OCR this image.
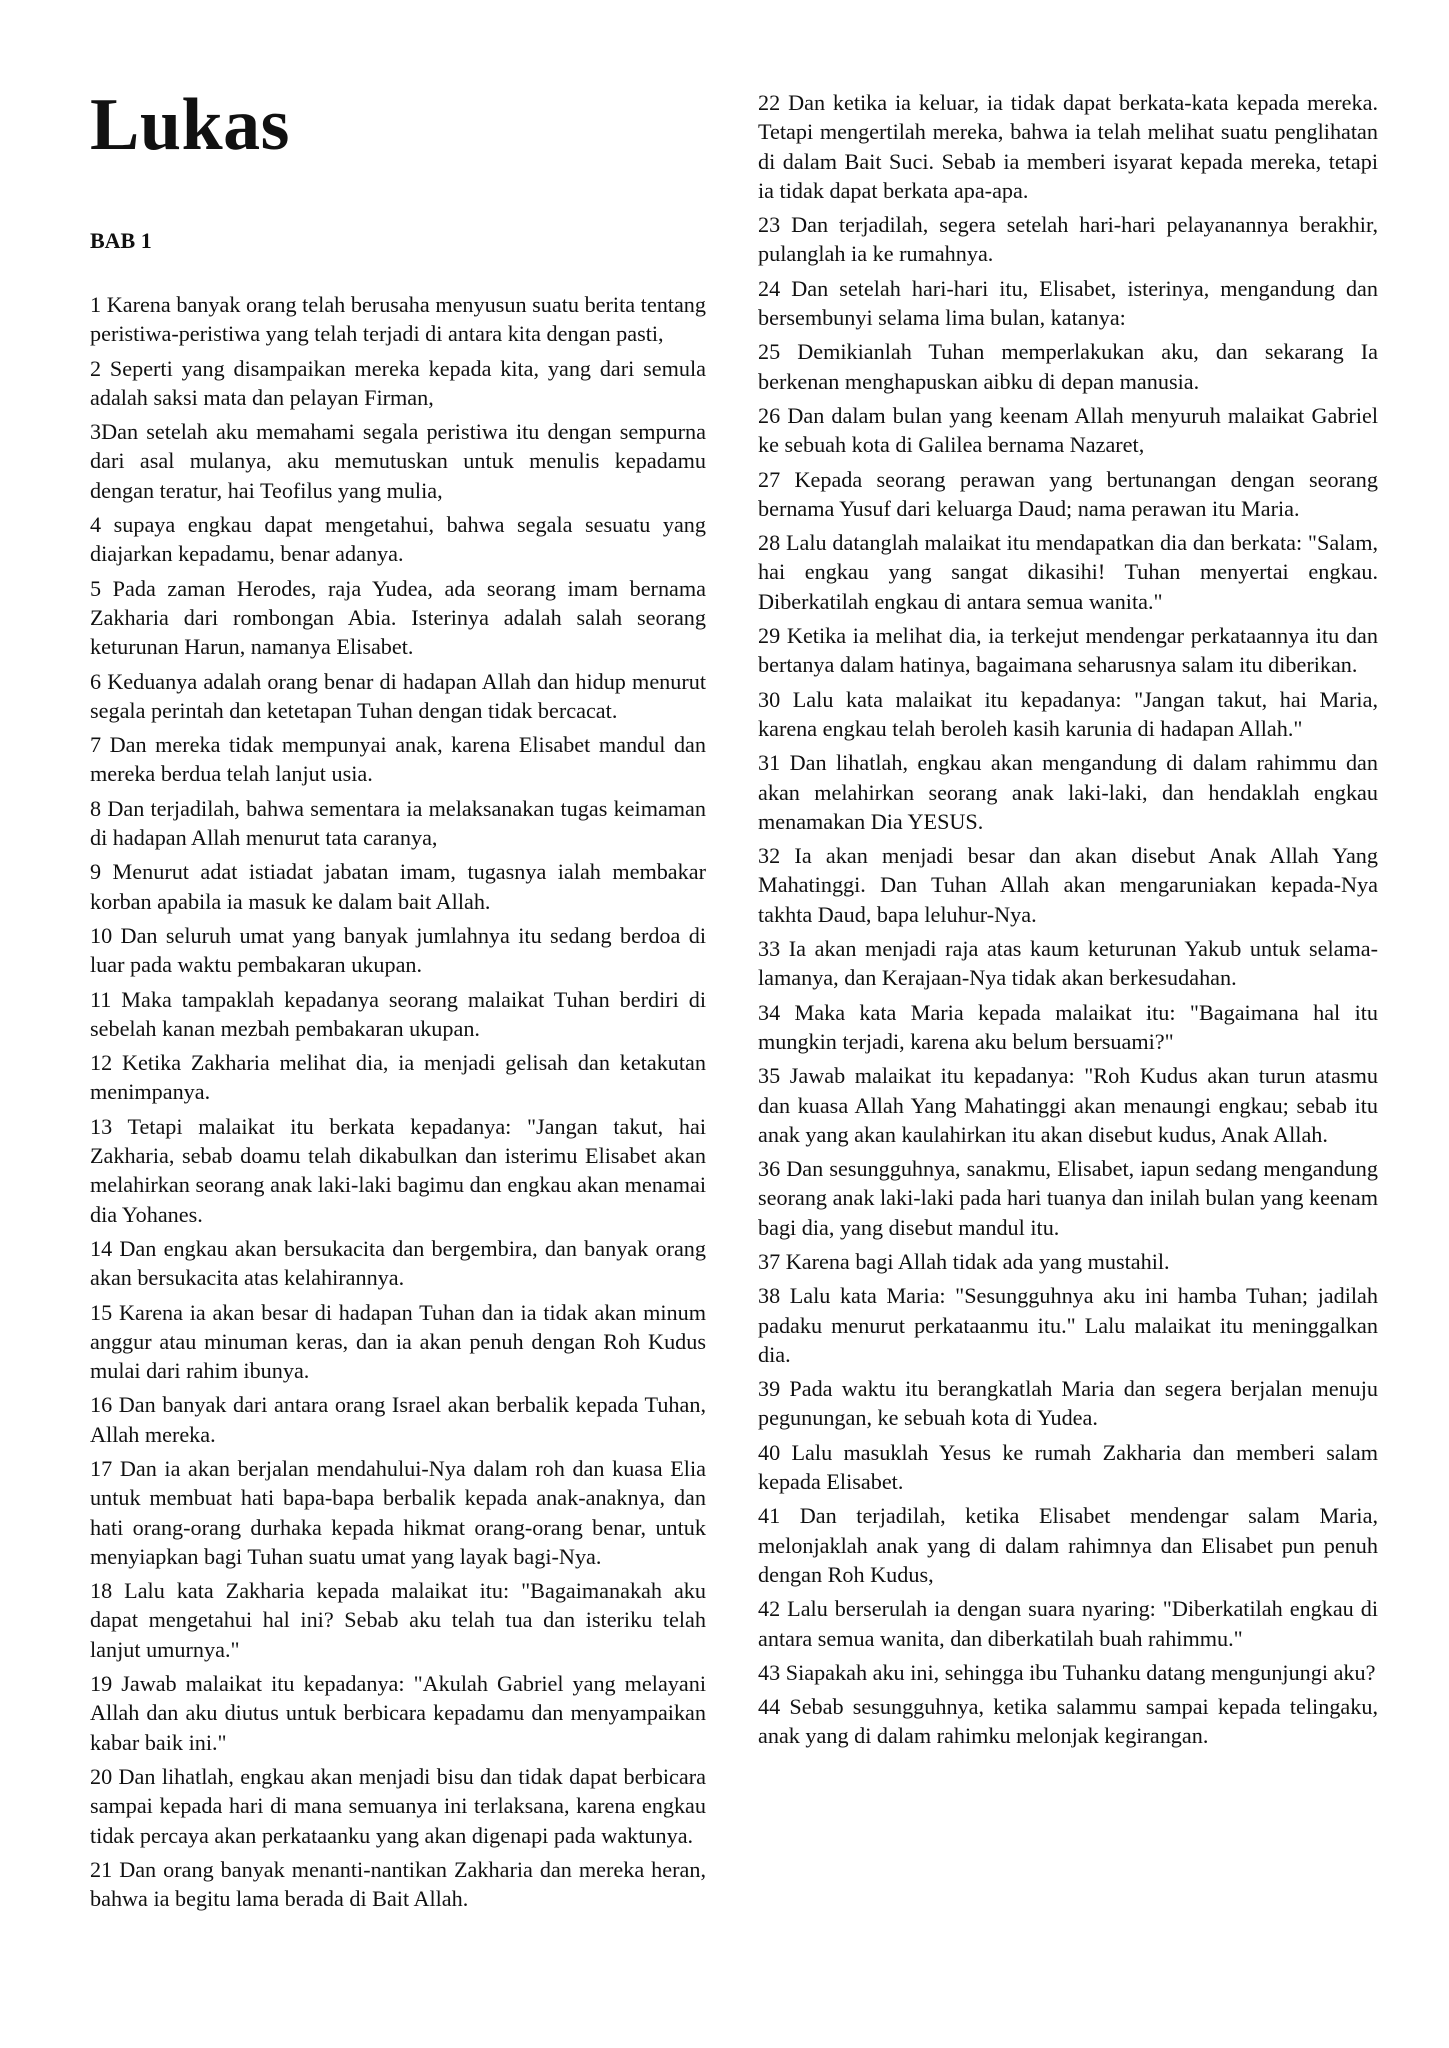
Lukas
BAB 1

1 Karena banyak orang telah berusaha menyusun suatu berita tentang peristiwa-peristiwa yang telah terjadi di antara kita dengan pasti,

2 Seperti yang disampaikan mereka kepada kita, yang dari semula adalah saksi mata dan pelayan Firman,

3Dan setelah aku memahami segala peristiwa itu dengan sempurna dari asal mulanya, aku memutuskan untuk menulis kepadamu dengan teratur, hai Teofilus yang mulia,

4 supaya engkau dapat mengetahui, bahwa segala sesuatu yang diajarkan kepadamu, benar adanya.

5 Pada zaman Herodes, raja Yudea, ada seorang imam bernama Zakharia dari rombongan Abia. Isterinya adalah salah seorang keturunan Harun, namanya Elisabet.

6 Keduanya adalah orang benar di hadapan Allah dan hidup menurut segala perintah dan ketetapan Tuhan dengan tidak bercacat.

7 Dan mereka tidak mempunyai anak, karena Elisabet mandul dan mereka berdua telah lanjut usia.

8 Dan terjadilah, bahwa sementara ia melaksanakan tugas keimaman di hadapan Allah menurut tata caranya,

9 Menurut adat istiadat jabatan imam, tugasnya ialah membakar korban apabila ia masuk ke dalam bait Allah.

10 Dan seluruh umat yang banyak jumlahnya itu sedang berdoa di luar pada waktu pembakaran ukupan.

11 Maka tampaklah kepadanya seorang malaikat Tuhan berdiri di sebelah kanan mezbah pembakaran ukupan.

12 Ketika Zakharia melihat dia, ia menjadi gelisah dan ketakutan menimpanya.

13 Tetapi malaikat itu berkata kepadanya: "Jangan takut, hai Zakharia, sebab doamu telah dikabulkan dan isterimu Elisabet akan melahirkan seorang anak laki-laki bagimu dan engkau akan menamai dia Yohanes.

14 Dan engkau akan bersukacita dan bergembira, dan banyak orang akan bersukacita atas kelahirannya.

15 Karena ia akan besar di hadapan Tuhan dan ia tidak akan minum anggur atau minuman keras, dan ia akan penuh dengan Roh Kudus mulai dari rahim ibunya.

16 Dan banyak dari antara orang Israel akan berbalik kepada Tuhan, Allah mereka.

17 Dan ia akan berjalan mendahului-Nya dalam roh dan kuasa Elia untuk membuat hati bapa-bapa berbalik kepada anak-anaknya, dan hati orang-orang durhaka kepada hikmat orang-orang benar, untuk menyiapkan bagi Tuhan suatu umat yang layak bagi-Nya.

18 Lalu kata Zakharia kepada malaikat itu: "Bagaimanakah aku dapat mengetahui hal ini? Sebab aku telah tua dan isteriku telah lanjut umurnya."

19 Jawab malaikat itu kepadanya: "Akulah Gabriel yang melayani Allah dan aku diutus untuk berbicara kepadamu dan menyampaikan kabar baik ini."

20 Dan lihatlah, engkau akan menjadi bisu dan tidak dapat berbicara sampai kepada hari di mana semuanya ini terlaksana, karena engkau tidak percaya akan perkataanku yang akan digenapi pada waktunya.

21 Dan orang banyak menanti-nantikan Zakharia dan mereka heran, bahwa ia begitu lama berada di Bait Allah.

22 Dan ketika ia keluar, ia tidak dapat berkata-kata kepada mereka. Tetapi mengertilah mereka, bahwa ia telah melihat suatu penglihatan di dalam Bait Suci. Sebab ia memberi isyarat kepada mereka, tetapi ia tidak dapat berkata apa-apa.

23 Dan terjadilah, segera setelah hari-hari pelayanannya berakhir, pulanglah ia ke rumahnya.

24 Dan setelah hari-hari itu, Elisabet, isterinya, mengandung dan bersembunyi selama lima bulan, katanya:

25 Demikianlah Tuhan memperlakukan aku, dan sekarang Ia berkenan menghapuskan aibku di depan manusia.

26 Dan dalam bulan yang keenam Allah menyuruh malaikat Gabriel ke sebuah kota di Galilea bernama Nazaret,

27 Kepada seorang perawan yang bertunangan dengan seorang bernama Yusuf dari keluarga Daud; nama perawan itu Maria.

28 Lalu datanglah malaikat itu mendapatkan dia dan berkata: "Salam, hai engkau yang sangat dikasihi! Tuhan menyertai engkau. Diberkatilah engkau di antara semua wanita."

29 Ketika ia melihat dia, ia terkejut mendengar perkataannya itu dan bertanya dalam hatinya, bagaimana seharusnya salam itu diberikan.

30 Lalu kata malaikat itu kepadanya: "Jangan takut, hai Maria, karena engkau telah beroleh kasih karunia di hadapan Allah."

31 Dan lihatlah, engkau akan mengandung di dalam rahimmu dan akan melahirkan seorang anak laki-laki, dan hendaklah engkau menamakan Dia YESUS.

32 Ia akan menjadi besar dan akan disebut Anak Allah Yang Mahatinggi. Dan Tuhan Allah akan mengaruniakan kepada-Nya takhta Daud, bapa leluhur-Nya.

33 Ia akan menjadi raja atas kaum keturunan Yakub untuk selama-lamanya, dan Kerajaan-Nya tidak akan berkesudahan.

34 Maka kata Maria kepada malaikat itu: "Bagaimana hal itu mungkin terjadi, karena aku belum bersuami?"

35 Jawab malaikat itu kepadanya: "Roh Kudus akan turun atasmu dan kuasa Allah Yang Mahatinggi akan menaungi engkau; sebab itu anak yang akan kaulahirkan itu akan disebut kudus, Anak Allah.

36 Dan sesungguhnya, sanakmu, Elisabet, iapun sedang mengandung seorang anak laki-laki pada hari tuanya dan inilah bulan yang keenam bagi dia, yang disebut mandul itu.

37 Karena bagi Allah tidak ada yang mustahil.

38 Lalu kata Maria: "Sesungguhnya aku ini hamba Tuhan; jadilah padaku menurut perkataanmu itu." Lalu malaikat itu meninggalkan dia.

39 Pada waktu itu berangkatlah Maria dan segera berjalan menuju pegunungan, ke sebuah kota di Yudea.

40 Lalu masuklah Yesus ke rumah Zakharia dan memberi salam kepada Elisabet.

41 Dan terjadilah, ketika Elisabet mendengar salam Maria, melonjaklah anak yang di dalam rahimnya dan Elisabet pun penuh dengan Roh Kudus,

42 Lalu berserulah ia dengan suara nyaring: "Diberkatilah engkau di antara semua wanita, dan diberkatilah buah rahimmu."

43 Siapakah aku ini, sehingga ibu Tuhanku datang mengunjungi aku?

44 Sebab sesungguhnya, ketika salammu sampai kepada telingaku, anak yang di dalam rahimku melonjak kegirangan.
